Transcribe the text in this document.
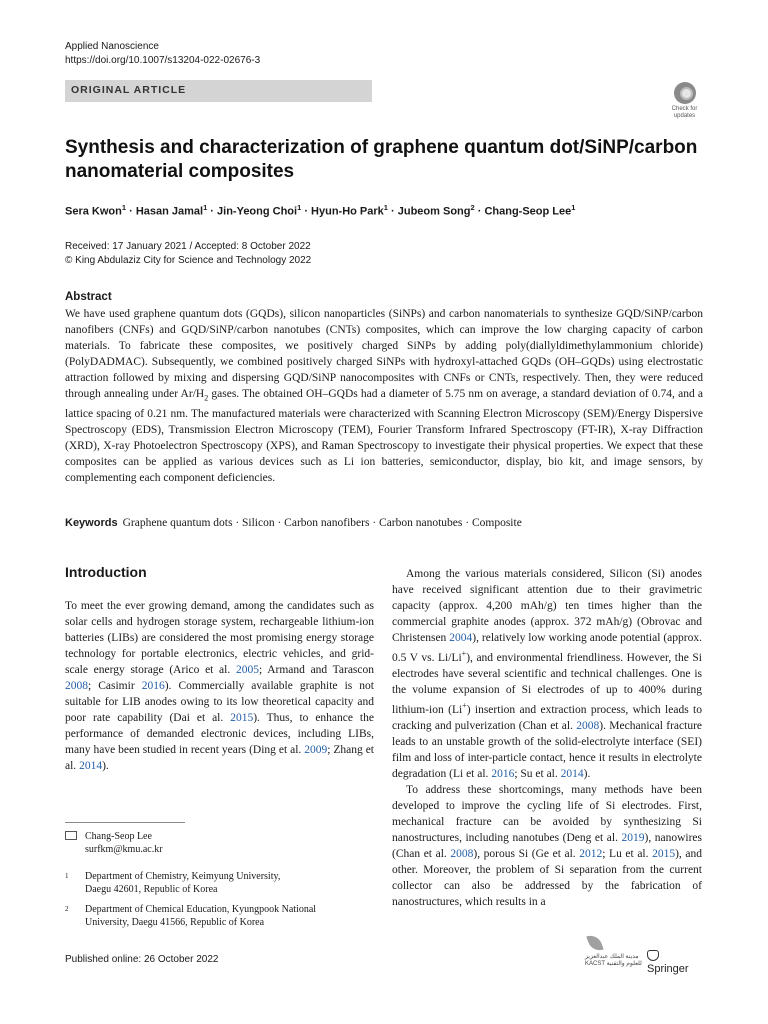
Applied Nanoscience
https://doi.org/10.1007/s13204-022-02676-3
ORIGINAL ARTICLE
Check for
updates
Synthesis and characterization of graphene quantum dot/SiNP/carbon nanomaterial composites
Sera Kwon$^1$ · Hasan Jamal$^1$ · Jin-Yeong Choi$^1$ · Hyun-Ho Park$^1$ · Jubeom Song$^2$ · Chang-Seop Lee$^1$
Received: 17 January 2021 / Accepted: 8 October 2022
© King Abdulaziz City for Science and Technology 2022
Abstract
We have used graphene quantum dots (GQDs), silicon nanoparticles (SiNPs) and carbon nanomaterials to synthesize GQD/SiNP/carbon nanofibers (CNFs) and GQD/SiNP/carbon nanotubes (CNTs) composites, which can improve the low charging capacity of carbon materials. To fabricate these composites, we positively charged SiNPs by adding poly(diallyldimethylammonium chloride) (PolyDADMAC). Subsequently, we combined positively charged SiNPs with hydroxyl-attached GQDs (OH–GQDs) using electrostatic attraction followed by mixing and dispersing GQD/SiNP nanocomposites with CNFs or CNTs, respectively. Then, they were reduced through annealing under $Ar/H_2$ gases. The obtained OH–GQDs had a diameter of 5.75 nm on average, a standard deviation of 0.74, and a lattice spacing of 0.21 nm. The manufactured materials were characterized with Scanning Electron Microscopy (SEM)/Energy Dispersive Spectroscopy (EDS), Transmission Electron Microscopy (TEM), Fourier Transform Infrared Spectroscopy (FT-IR), X-ray Diffraction (XRD), X-ray Photoelectron Spectroscopy (XPS), and Raman Spectroscopy to investigate their physical properties. We expect that these composites can be applied as various devices such as Li ion batteries, semiconductor, display, bio kit, and image sensors, by complementing each component deficiencies.
Keywords Graphene quantum dots · Silicon · Carbon nanofibers · Carbon nanotubes · Composite
Introduction

To meet the ever growing demand, among the candidates such as solar cells and hydrogen storage system, rechargeable lithium-ion batteries (LIBs) are considered the most promising energy storage technology for portable electronics, electric vehicles, and grid-scale energy storage (Arico et al. 2005; Armand and Tarascon 2008; Casimir 2016). Commercially available graphite is not suitable for LIB anodes owing to its low theoretical capacity and poor rate capability (Dai et al. 2015). Thus, to enhance the performance of demanded electronic devices, including LIBs, many have been studied in recent years (Ding et al. 2009; Zhang et al. 2014).

Among the various materials considered, Silicon (Si) anodes have received significant attention due to their gravimetric capacity (approx. 4,200 mAh/g) ten times higher than the commercial graphite anodes (approx. 372 mAh/g) (Obrovac and Christensen 2004), relatively low working anode potential (approx. 0.5 V vs. Li/Li+), and environmental friendliness. However, the Si electrodes have several scientific and technical challenges. One is the volume expansion of Si electrodes of up to 400% during lithium-ion (Li+) insertion and extraction process, which leads to cracking and pulverization (Chan et al. 2008). Mechanical fracture leads to an unstable growth of the solid-electrolyte interface (SEI) film and loss of inter-particle contact, hence it results in electrolyte degradation (Li et al. 2016; Su et al. 2014).

To address these shortcomings, many methods have been developed to improve the cycling life of Si electrodes. First, mechanical fracture can be avoided by synthesizing Si nanostructures, including nanotubes (Deng et al. 2019), nanowires (Chan et al. 2008), porous Si (Ge et al. 2012; Lu et al. 2015), and other. Moreover, the problem of Si separation from the current collector can also be addressed by the fabrication of nanostructures, which results in a

Chang-Seop Lee
surfkm@kmu.ac.kr
1 Department of Chemistry, Keimyung University,
Daegu 42601, Republic of Korea
2 Department of Chemical Education, Kyungpook National
University, Daegu 41566, Republic of Korea
Published online: 26 October 2022	مدينة الملك عبدالعزيز
KACST للعلوم والتقنية Springer
